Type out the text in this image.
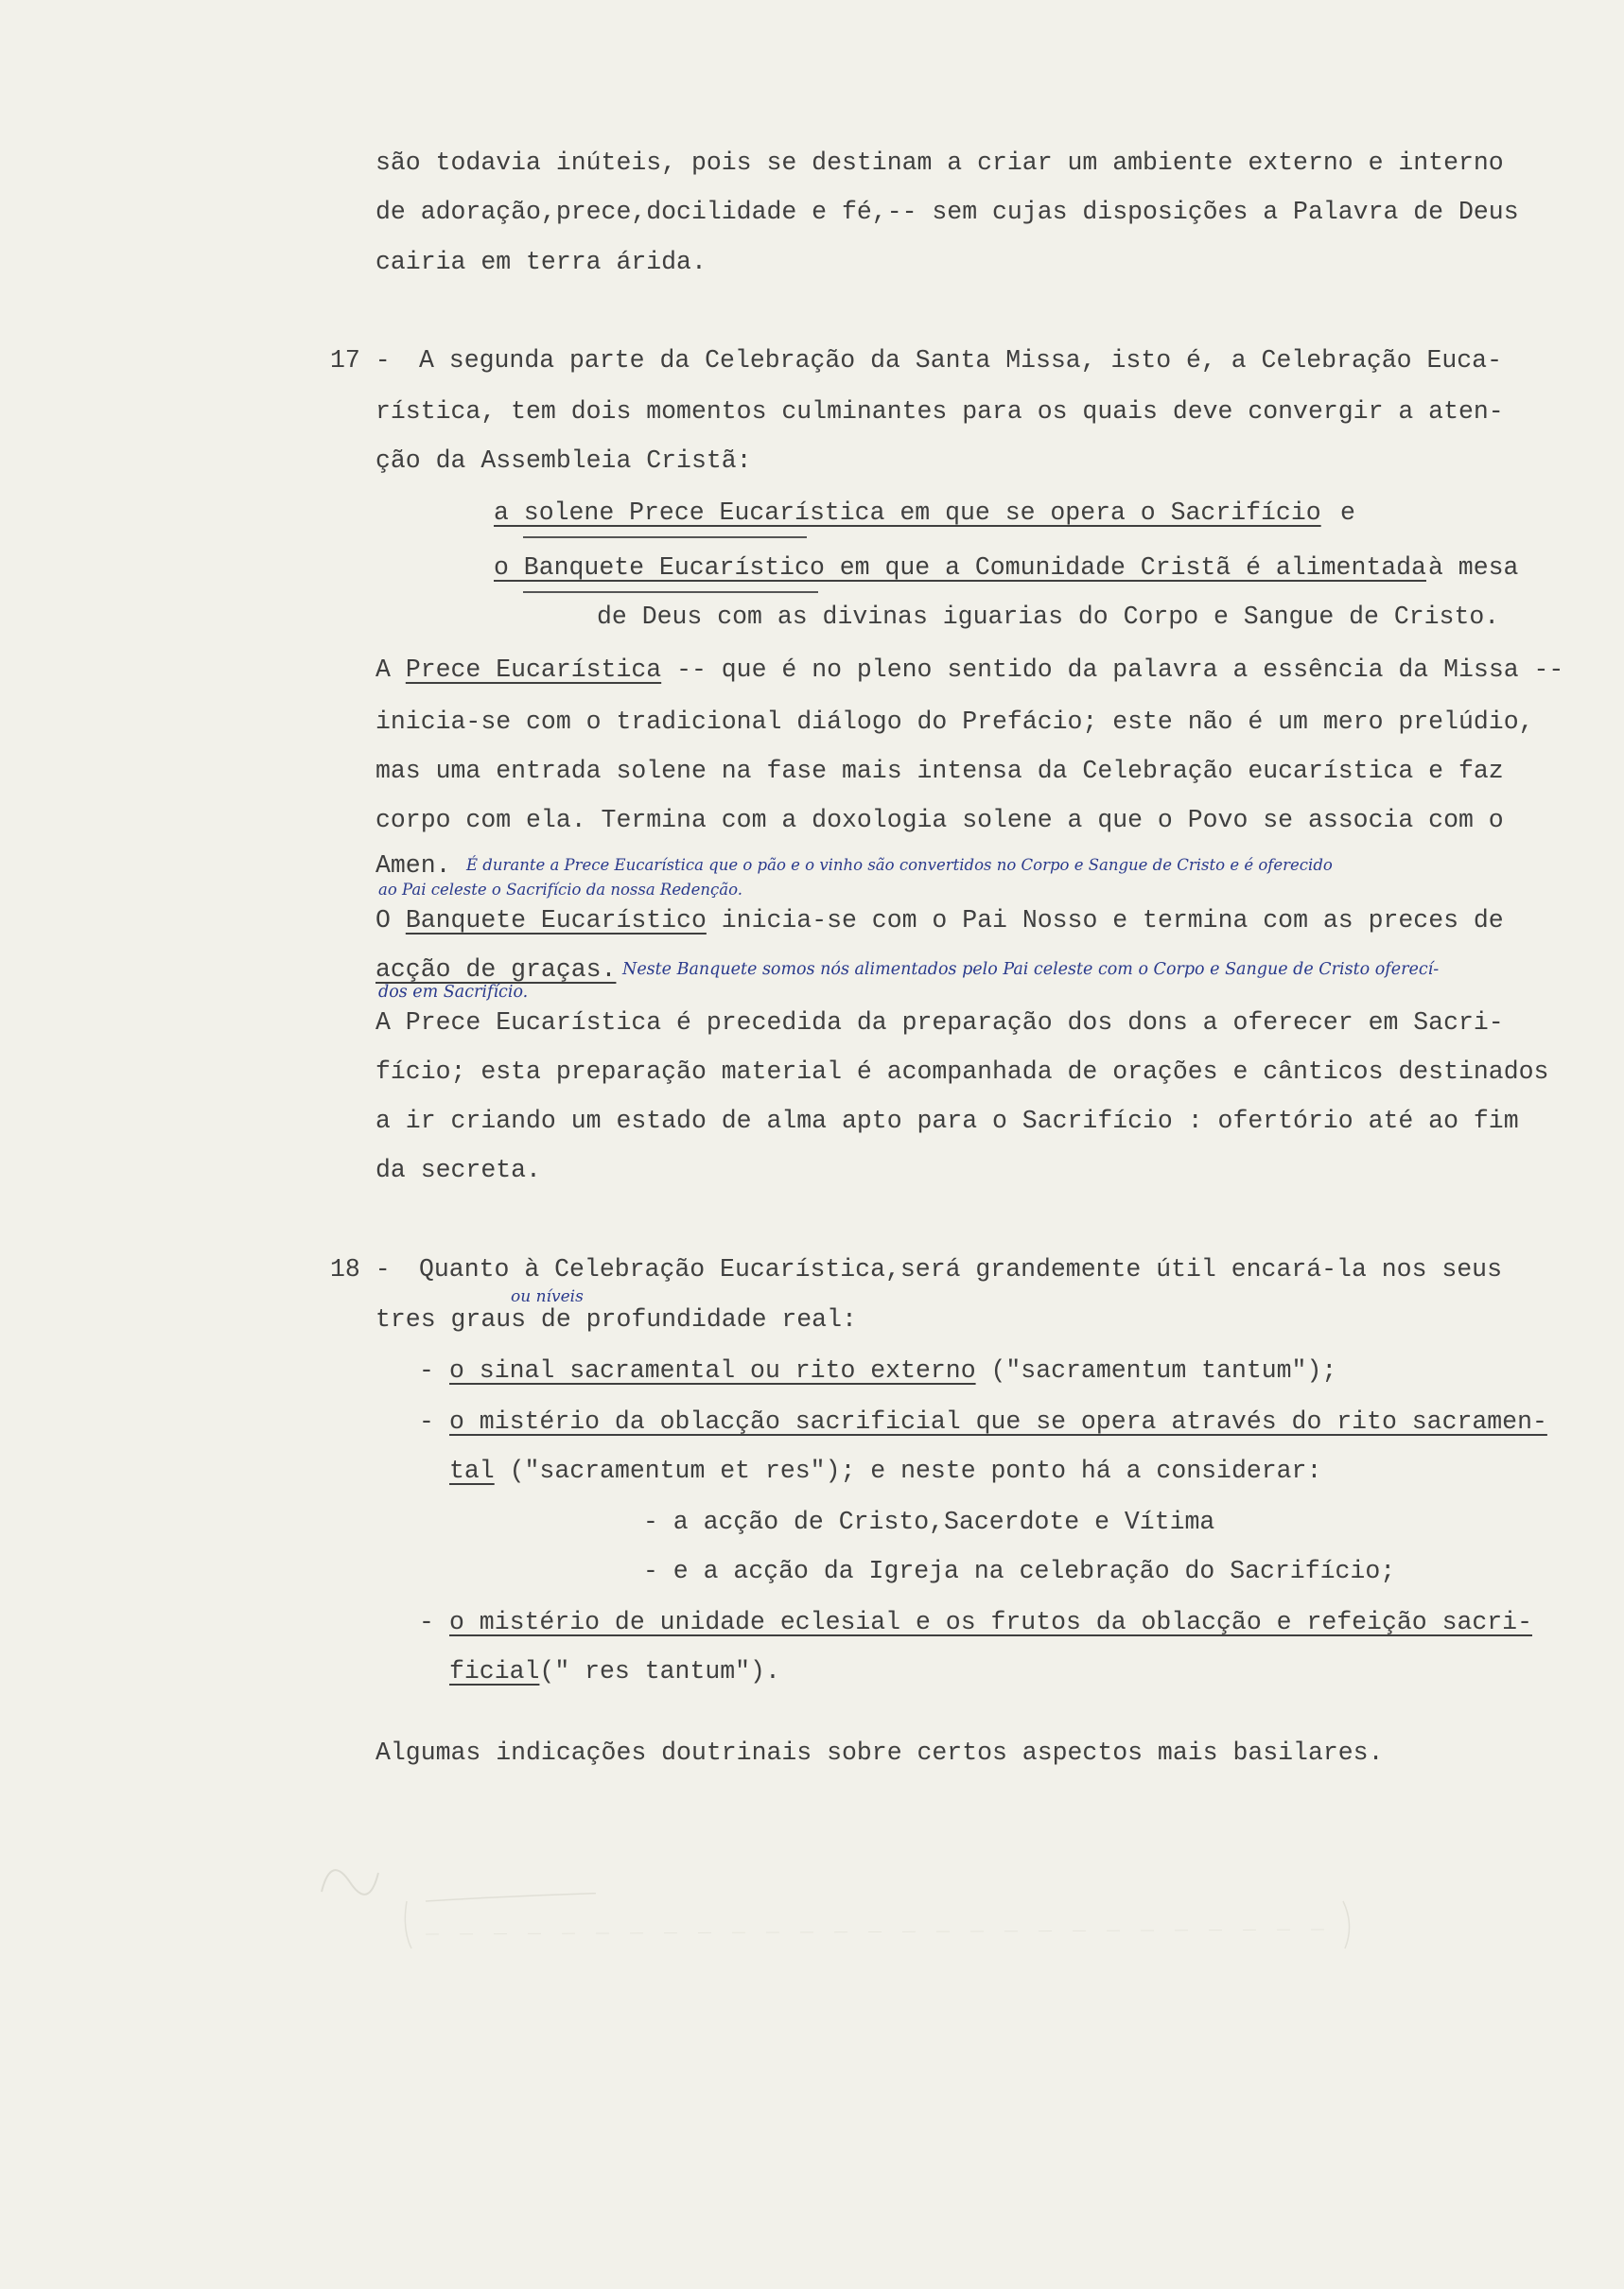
são todavia inúteis, pois se destinam a criar um ambiente externo e interno
de adoração,prece,docilidade e fé,-- sem cujas disposições a Palavra de Deus
cairia em terra árida.
17 - A segunda parte da Celebração da Santa Missa, isto é, a Celebração Euca-
rística, tem dois momentos culminantes para os quais deve convergir a aten-
ção da Assembleia Cristã:
a solene Prece Eucarística em que se opera o Sacrifício e
o Banquete Eucarístico em que a Comunidade Cristã é alimentada à mesa
de Deus com as divinas iguarias do Corpo e Sangue de Cristo.
A Prece Eucarística -- que é no pleno sentido da palavra a essência da Missa --
inicia-se com o tradicional diálogo do Prefácio; este não é um mero prelúdio,
mas uma entrada solene na fase mais intensa da Celebração eucarística e faz
corpo com ela. Termina com a doxologia solene a que o Povo se associa com o
Amen. É durante a Prece Eucarística que o pão e o vinho são convertidos no Corpo e Sangue de Cristo e é oferecido
ao Pai celeste o Sacrifício da nossa Redenção.
O Banquete Eucarístico inicia-se com o Pai Nosso e termina com as preces de
acção de graças. Neste Banquete somos nós alimentados pelo Pai celeste com o Corpo e Sangue de Cristo oferecí-
dos em Sacrifício.
A Prece Eucarística é precedida da preparação dos dons a oferecer em Sacri-
fício; esta preparação material é acompanhada de orações e cânticos destinados
a ir criando um estado de alma apto para o Sacrifício : ofertório até ao fim
da secreta.
18 - Quanto à Celebração Eucarística,será grandemente útil encará-la nos seus
ou níveis
tres graus de profundidade real:
- o sinal sacramental ou rito externo ("sacramentum tantum");
- o mistério da oblacção sacrificial que se opera através do rito sacramen-
tal ("sacramentum et res"); e neste ponto há a considerar:
- a acção de Cristo,Sacerdote e Vítima
- e a acção da Igreja na celebração do Sacrifício;
- o mistério de unidade eclesial e os frutos da oblacção e refeição sacri-
ficial(" res tantum").
Algumas indicações doutrinais sobre certos aspectos mais basilares.
